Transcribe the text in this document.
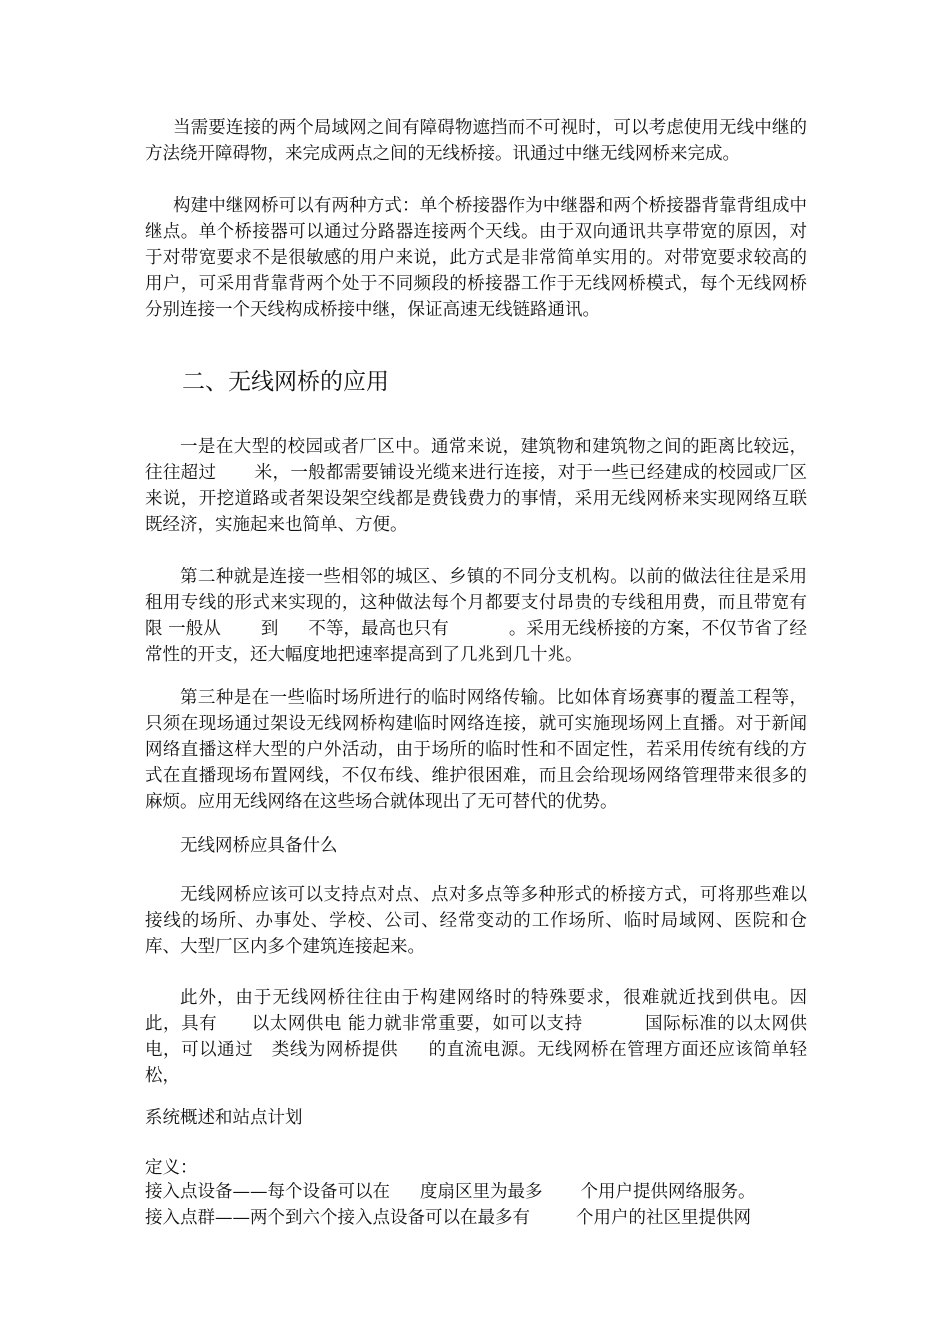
当需要连接的两个局域网之间有障碍物遮挡而不可视时，可以考虑使用无线中继的方法绕开障碍物，来完成两点之间的无线桥接。讯通过中继无线网桥来完成。

构建中继网桥可以有两种方式：单个桥接器作为中继器和两个桥接器背靠背组成中继点。单个桥接器可以通过分路器连接两个天线。由于双向通讯共享带宽的原因，对于对带宽要求不是很敏感的用户来说，此方式是非常简单实用的。对带宽要求较高的用户，可采用背靠背两个处于不同频段的桥接器工作于无线网桥模式，每个无线网桥分别连接一个天线构成桥接中继，保证高速无线链路通讯。

二、无线网桥的应用

一是在大型的校园或者厂区中。通常来说，建筑物和建筑物之间的距离比较远，往往超过 米，一般都需要铺设光缆来进行连接，对于一些已经建成的校园或厂区来说，开挖道路或者架设架空线都是费钱费力的事情，采用无线网桥来实现网络互联既经济，实施起来也简单、方便。

第二种就是连接一些相邻的城区、乡镇的不同分支机构。以前的做法往往是采用租用专线的形式来实现的，这种做法每个月都要支付昂贵的专线租用费，而且带宽有限 一般从 到 不等，最高也只有	。采用无线桥接的方案，不仅节省了经常性的开支，还大幅度地把速率提高到了几兆到几十兆。

第三种是在一些临时场所进行的临时网络传输。比如体育场赛事的覆盖工程等，只须在现场通过架设无线网桥构建临时网络连接，就可实施现场网上直播。对于新闻网络直播这样大型的户外活动，由于场所的临时性和不固定性，若采用传统有线的方式在直播现场布置网线，不仅布线、维护很困难，而且会给现场网络管理带来很多的麻烦。应用无线网络在这些场合就体现出了无可替代的优势。

无线网桥应具备什么

无线网桥应该可以支持点对点、点对多点等多种形式的桥接方式，可将那些难以接线的场所、办事处、学校、公司、经常变动的工作场所、临时局域网、医院和仓库、大型厂区内多个建筑连接起来。

此外，由于无线网桥往往由于构建网络时的特殊要求，很难就近找到供电。因此，具有 以太网供电 能力就非常重要，如可以支持	国际标准的以太网供电，可以通过 类线为网桥提供 的直流电源。无线网桥在管理方面还应该简单轻松，

系统概述和站点计划

定义：

接入点设备——每个设备可以在 度扇区里为最多 个用户提供网络服务。

接入点群——两个到六个接入点设备可以在最多有	个用户的社区里提供网
